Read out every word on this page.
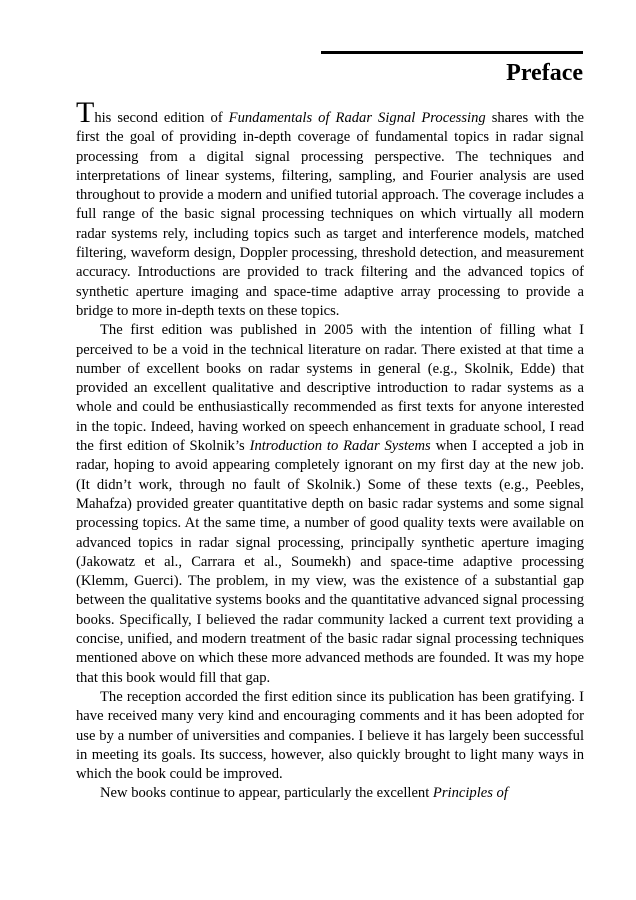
Preface

This second edition of Fundamentals of Radar Signal Processing shares with the first the goal of providing in-depth coverage of fundamental topics in radar signal processing from a digital signal processing perspective. The techniques and interpretations of linear systems, filtering, sampling, and Fourier analysis are used throughout to provide a modern and unified tutorial approach. The coverage includes a full range of the basic signal processing techniques on which virtually all modern radar systems rely, including topics such as target and interference models, matched filtering, waveform design, Doppler processing, threshold detection, and measurement accuracy. Introductions are provided to track filtering and the advanced topics of synthetic aperture imaging and space-time adaptive array processing to provide a bridge to more in-depth texts on these topics.

The first edition was published in 2005 with the intention of filling what I perceived to be a void in the technical literature on radar. There existed at that time a number of excellent books on radar systems in general (e.g., Skolnik, Edde) that provided an excellent qualitative and descriptive introduction to radar systems as a whole and could be enthusiastically recommended as first texts for anyone interested in the topic. Indeed, having worked on speech enhancement in graduate school, I read the first edition of Skolnik’s Introduction to Radar Systems when I accepted a job in radar, hoping to avoid appearing completely ignorant on my first day at the new job. (It didn’t work, through no fault of Skolnik.) Some of these texts (e.g., Peebles, Mahafza) provided greater quantitative depth on basic radar systems and some signal processing topics. At the same time, a number of good quality texts were available on advanced topics in radar signal processing, principally synthetic aperture imaging (Jakowatz et al., Carrara et al., Soumekh) and space-time adaptive processing (Klemm, Guerci). The problem, in my view, was the existence of a substantial gap between the qualitative systems books and the quantitative advanced signal processing books. Specifically, I believed the radar community lacked a current text providing a concise, unified, and modern treatment of the basic radar signal processing techniques mentioned above on which these more advanced methods are founded. It was my hope that this book would fill that gap.

The reception accorded the first edition since its publication has been gratifying. I have received many very kind and encouraging comments and it has been adopted for use by a number of universities and companies. I believe it has largely been successful in meeting its goals. Its success, however, also quickly brought to light many ways in which the book could be improved.

New books continue to appear, particularly the excellent Principles of
